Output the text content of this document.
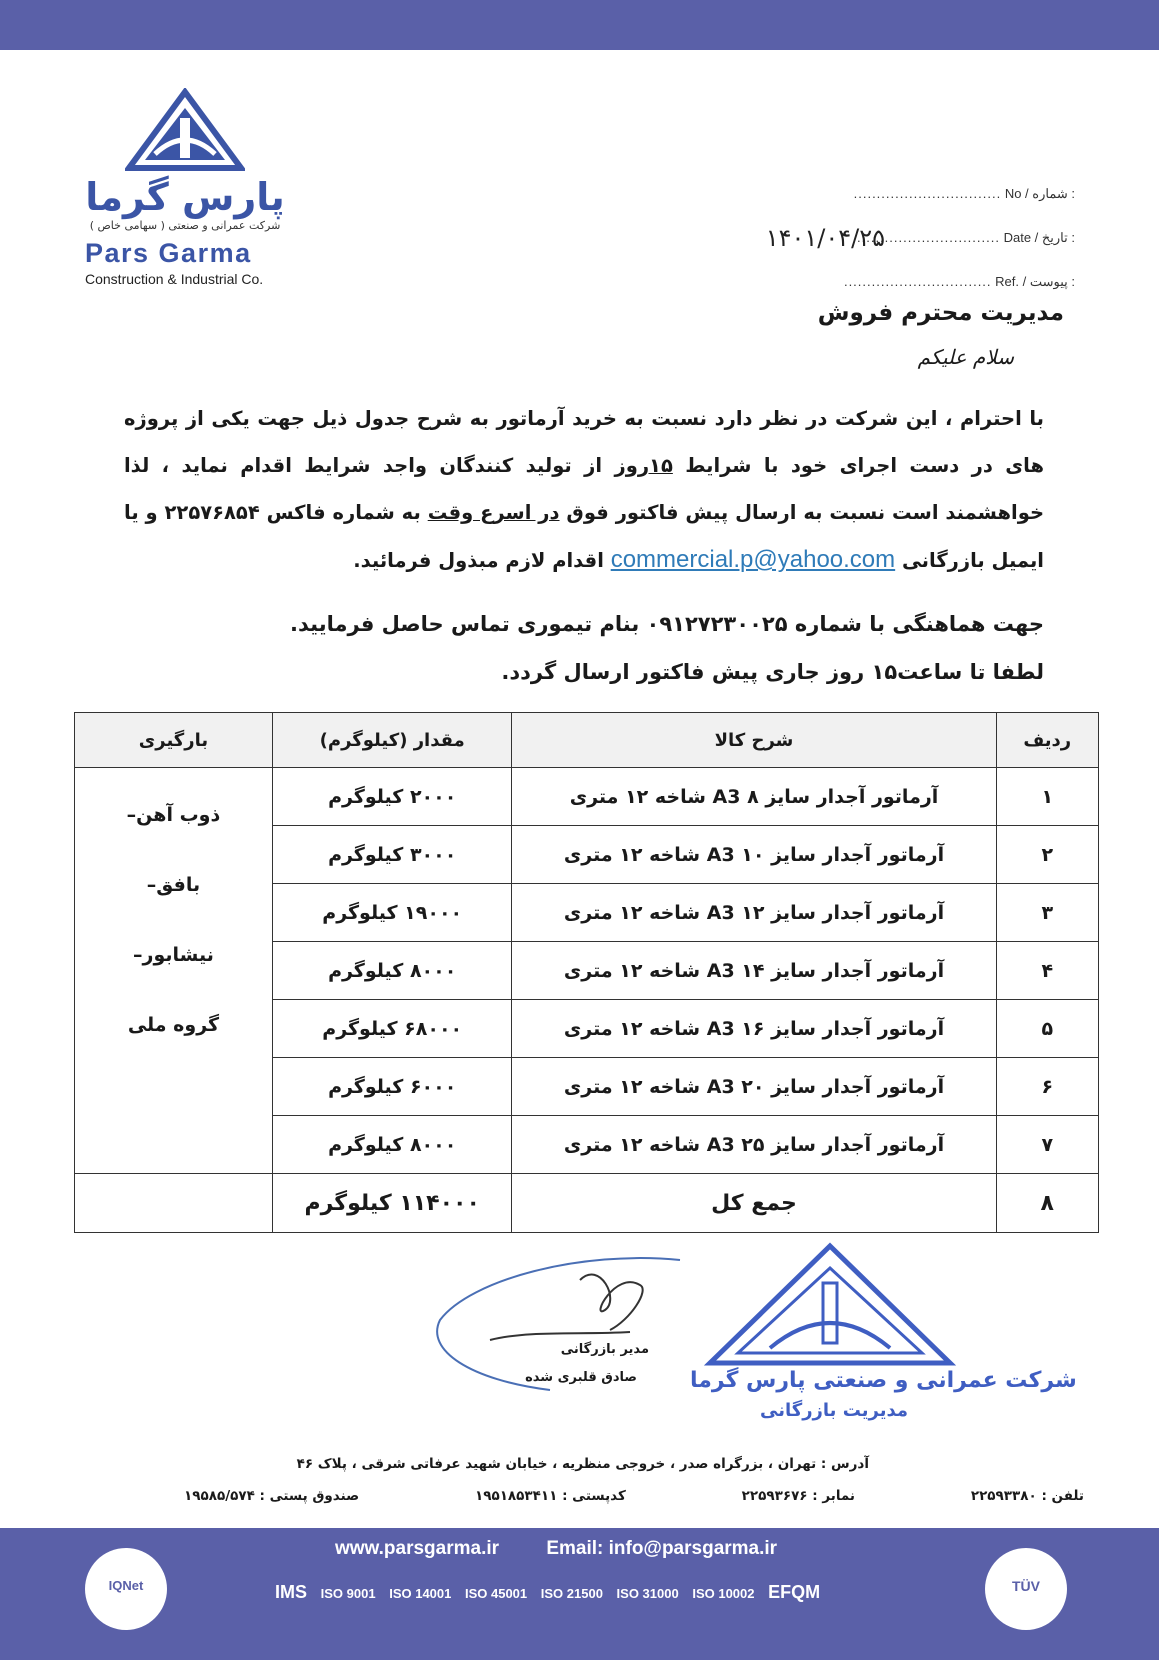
پارس گرما
شرکت عمرانی و صنعتی ( سهامی خاص )
Pars Garma
Construction & Industrial Co.
................................ No / شماره :
................................ Date / تاریخ :
۱۴۰۱/۰۴/۲۵
................................ Ref. / پیوست :
مدیریت محترم فروش
سلام علیکم
با احترام ، این شرکت در نظر دارد نسبت به خرید آرماتور به شرح جدول ذیل جهت یکی از پروژه های در دست اجرای خود با شرایط ۱۵روز از تولید کنندگان واجد شرایط اقدام نماید ، لذا خواهشمند است نسبت به ارسال پیش فاکتور فوق در اسرع وقت به شماره فاکس ۲۲۵۷۶۸۵۴ و یا ایمیل بازرگانی commercial.p@yahoo.com اقدام لازم مبذول فرمائید.
جهت هماهنگی با شماره ۰۹۱۲۷۲۳۰۰۲۵ بنام تیموری تماس حاصل فرمایید.
لطفا تا ساعت۱۵ روز جاری پیش فاکتور ارسال گردد.
ردیف	شرح کالا	مقدار (کیلوگرم)	بارگیری
۱	آرماتور آجدار سایز ۸ A3 شاخه ۱۲ متری	۲۰۰۰ کیلوگرم	ذوب آهن–
بافق–
نیشابور–
گروه ملی

۲	آرماتور آجدار سایز ۱۰ A3 شاخه ۱۲ متری	۳۰۰۰ کیلوگرم	
۳	آرماتور آجدار سایز ۱۲ A3 شاخه ۱۲ متری	۱۹۰۰۰ کیلوگرم	
۴	آرماتور آجدار سایز ۱۴ A3 شاخه ۱۲ متری	۸۰۰۰ کیلوگرم	
۵	آرماتور آجدار سایز ۱۶ A3 شاخه ۱۲ متری	۶۸۰۰۰ کیلوگرم	
۶	آرماتور آجدار سایز ۲۰ A3 شاخه ۱۲ متری	۶۰۰۰ کیلوگرم	
۷	آرماتور آجدار سایز ۲۵ A3 شاخه ۱۲ متری	۸۰۰۰ کیلوگرم	
۸	جمع کل	۱۱۴۰۰۰ کیلوگرم	
مدیر بازرگانی
صادق قلبری شده شرکت عمرانی و صنعتی پارس گرما
مدیریت بازرگانی
آدرس : تهران ، بزرگراه صدر ، خروجی منظریه ، خیابان شهید عرفاتی شرقی ، پلاک ۴۶
تلفن : ۲۲۵۹۳۳۸۰
نمابر : ۲۲۵۹۳۶۷۶
کدپستی : ۱۹۵۱۸۵۳۴۱۱
صندوق پستی : ۱۹۵۸۵/۵۷۴
IQNet	TÜV
www.parsgarma.ir Email: info@parsgarma.ir
IMS ISO 9001 ISO 14001 ISO 45001 ISO 21500 ISO 31000 ISO 10002 EFQM
